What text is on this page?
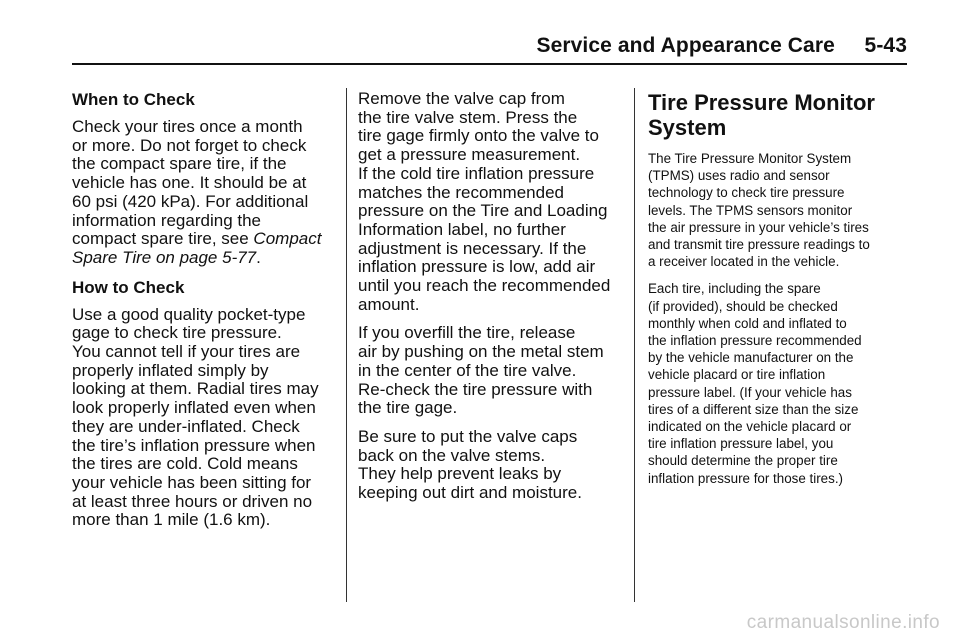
Service and Appearance Care     5-43
When to Check

Check your tires once a month
or more. Do not forget to check
the compact spare tire, if the
vehicle has one. It should be at
60 psi (420 kPa). For additional
information regarding the
compact spare tire, see Compact
Spare Tire on page 5-77.

How to Check

Use a good quality pocket-type
gage to check tire pressure.
You cannot tell if your tires are
properly inflated simply by
looking at them. Radial tires may
look properly inflated even when
they are under-inflated. Check
the tire’s inflation pressure when
the tires are cold. Cold means
your vehicle has been sitting for
at least three hours or driven no
more than 1 mile (1.6 km).

Remove the valve cap from
the tire valve stem. Press the
tire gage firmly onto the valve to
get a pressure measurement.
If the cold tire inflation pressure
matches the recommended
pressure on the Tire and Loading
Information label, no further
adjustment is necessary. If the
inflation pressure is low, add air
until you reach the recommended
amount.

If you overfill the tire, release
air by pushing on the metal stem
in the center of the tire valve.
Re-check the tire pressure with
the tire gage.

Be sure to put the valve caps
back on the valve stems.
They help prevent leaks by
keeping out dirt and moisture.

Tire Pressure Monitor
System

The Tire Pressure Monitor System
(TPMS) uses radio and sensor
technology to check tire pressure
levels. The TPMS sensors monitor
the air pressure in your vehicle’s tires
and transmit tire pressure readings to
a receiver located in the vehicle.

Each tire, including the spare
(if provided), should be checked
monthly when cold and inflated to
the inflation pressure recommended
by the vehicle manufacturer on the
vehicle placard or tire inflation
pressure label. (If your vehicle has
tires of a different size than the size
indicated on the vehicle placard or
tire inflation pressure label, you
should determine the proper tire
inflation pressure for those tires.)

carmanualsonline.info
